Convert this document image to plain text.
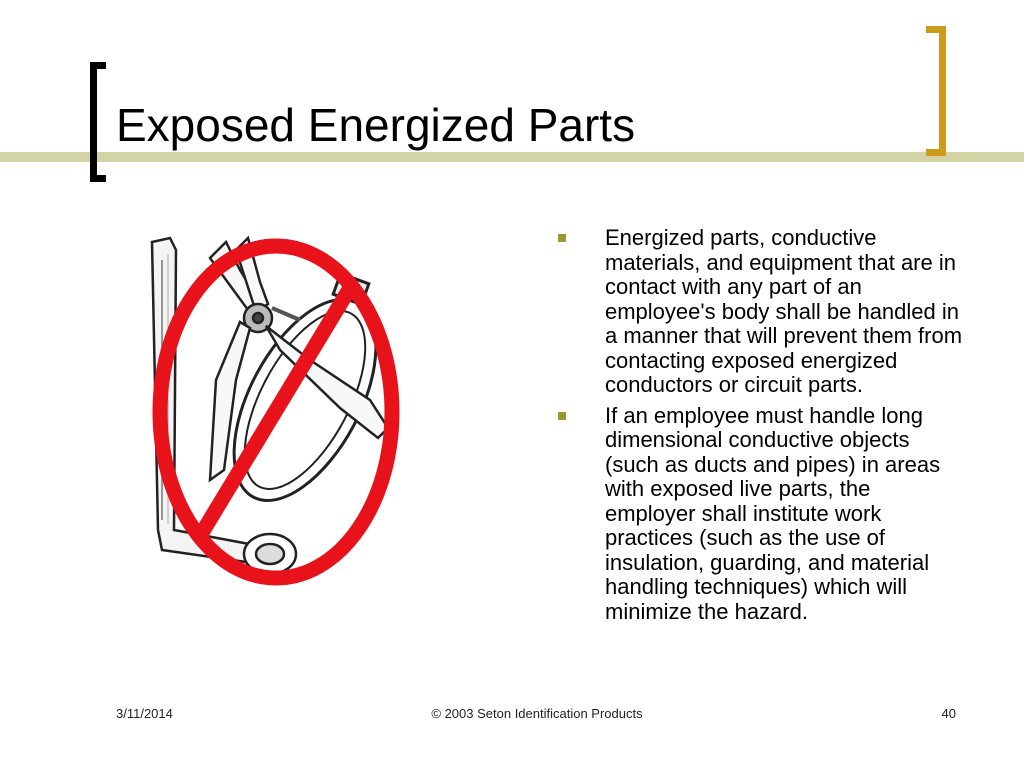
Exposed Energized Parts
Energized parts, conductive materials, and equipment that are in contact with any part of an employee's body shall be handled in a manner that will prevent them from contacting exposed energized conductors or circuit parts.
If an employee must handle long dimensional conductive objects (such as ducts and pipes) in areas with exposed live parts, the employer shall institute work practices (such as the use of insulation, guarding, and material handling techniques) which will minimize the hazard.
3/11/2014	© 2003 Seton Identification Products	40
